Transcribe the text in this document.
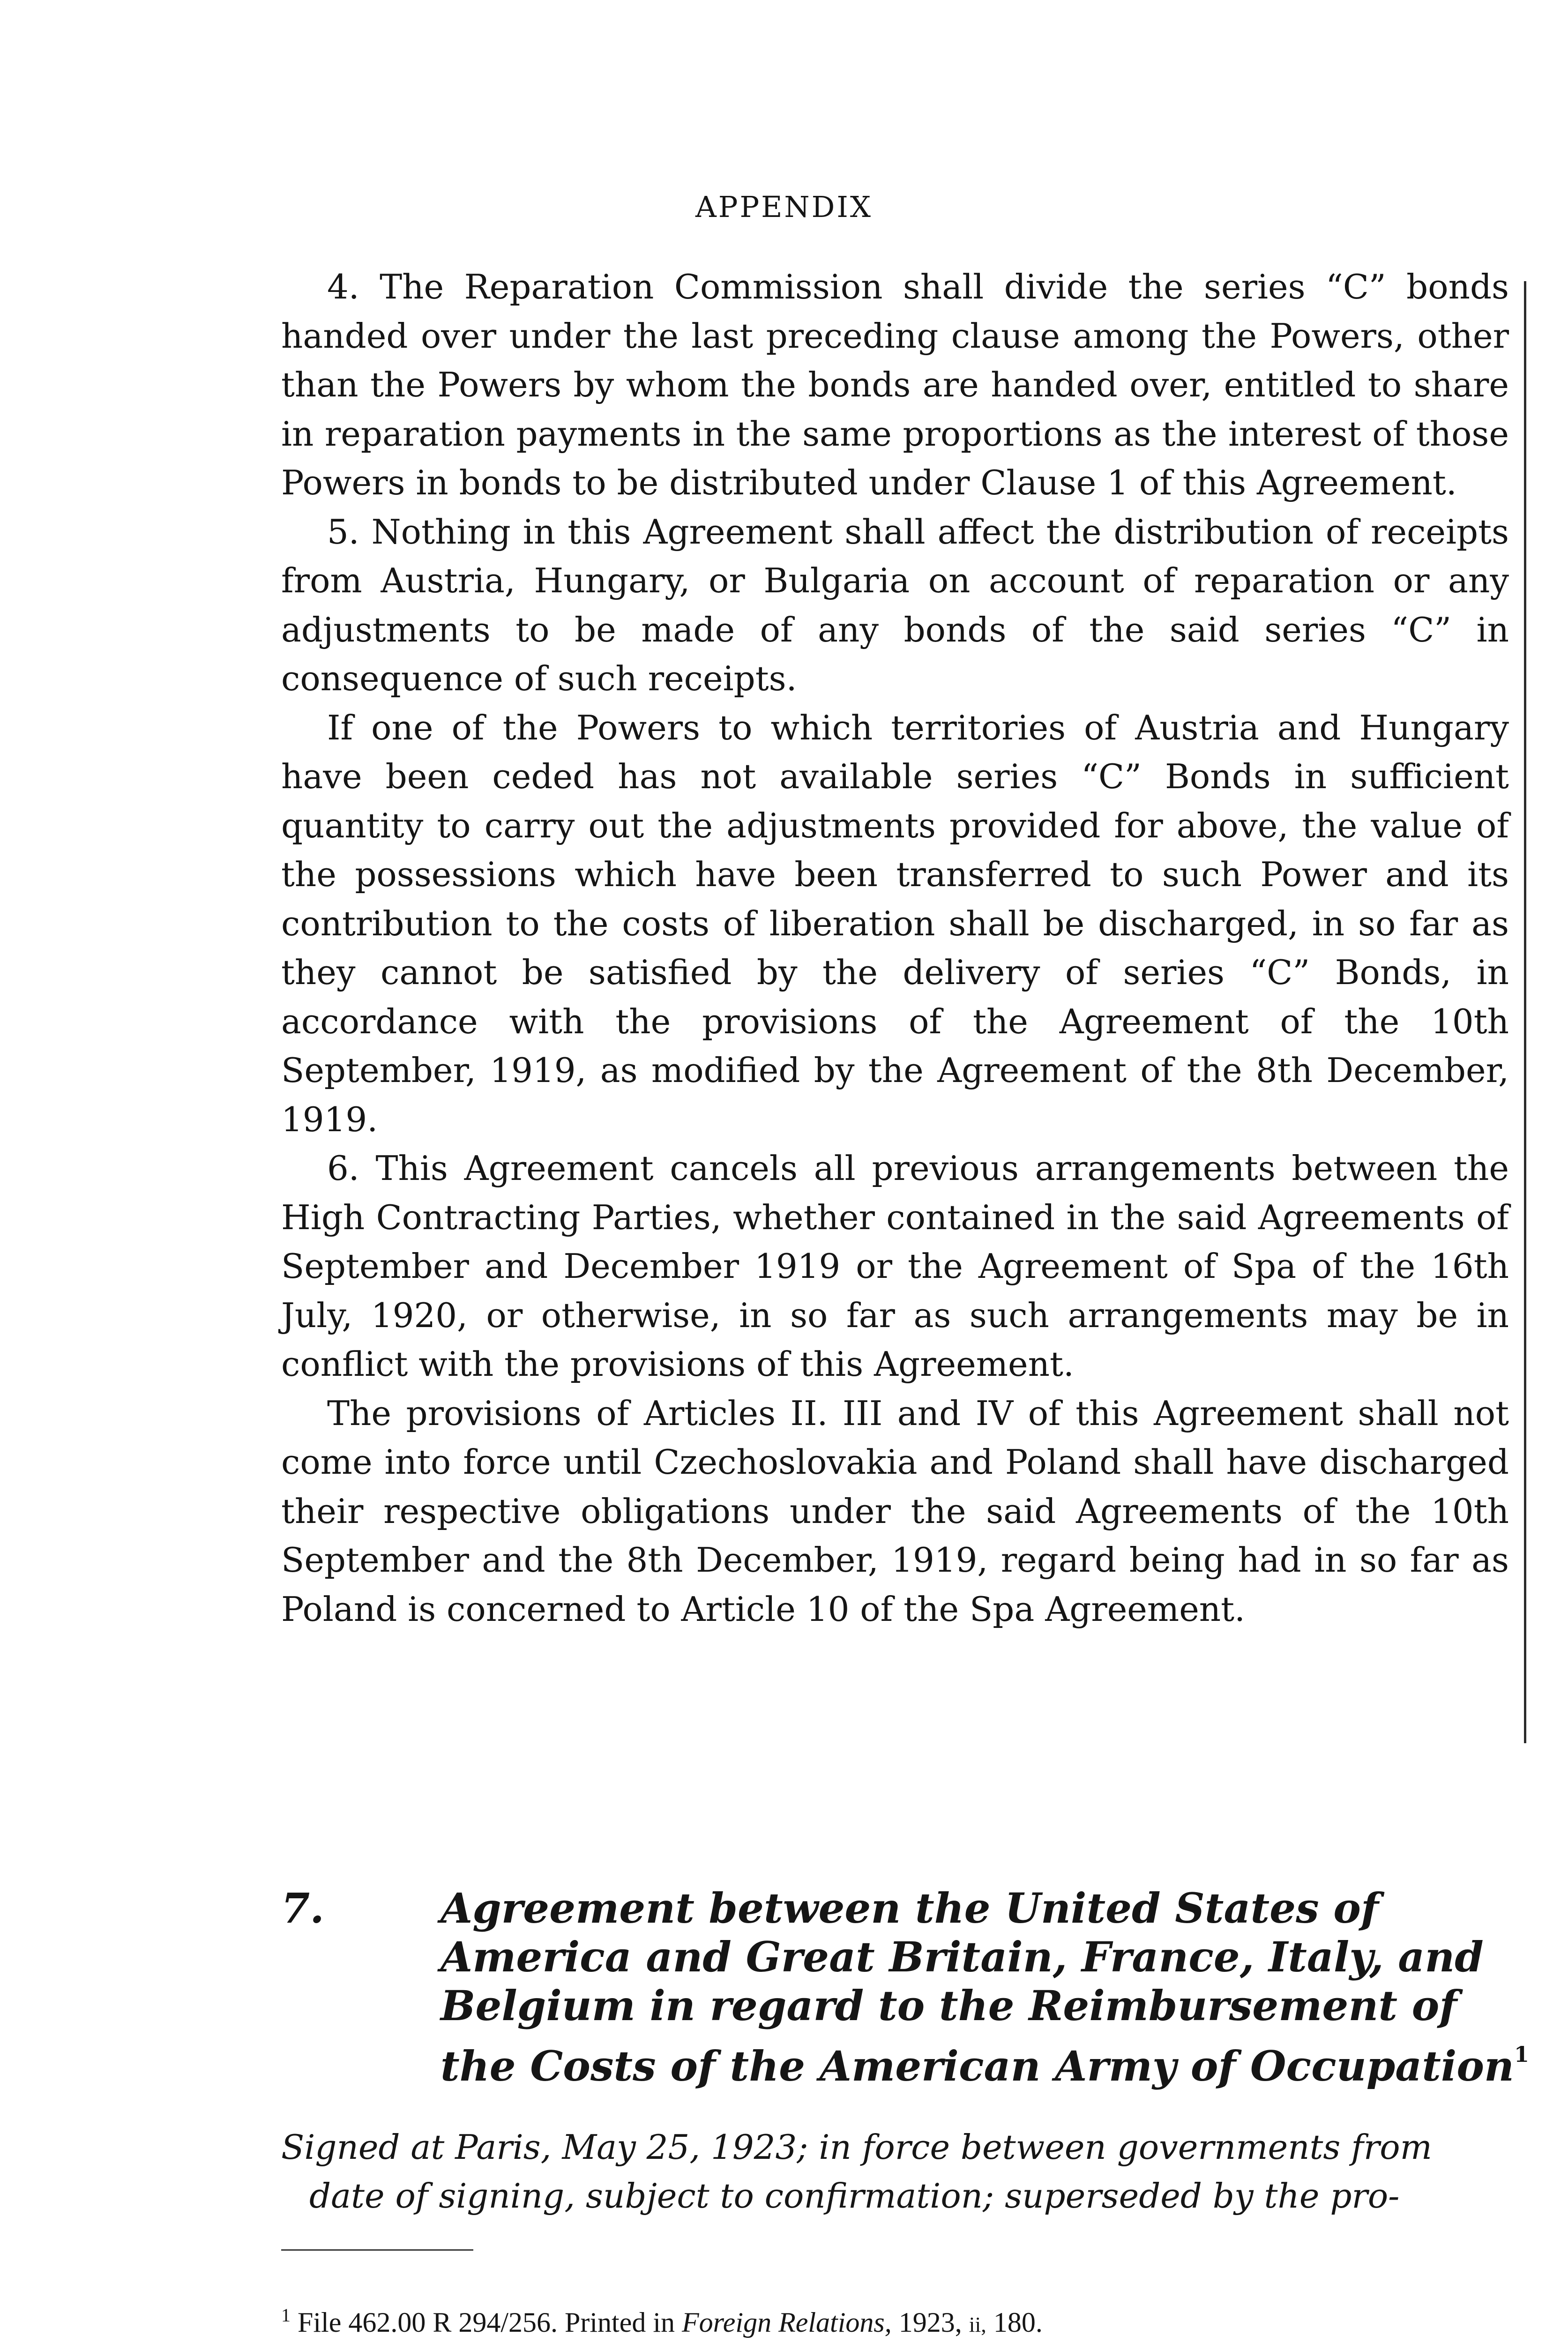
APPENDIX

4. The Reparation Commission shall divide the series “C” bonds handed over under the last preceding clause among the Powers, other than the Powers by whom the bonds are handed over, entitled to share in reparation payments in the same proportions as the interest of those Powers in bonds to be distributed under Clause 1 of this Agreement.

5. Nothing in this Agreement shall affect the distribution of receipts from Austria, Hungary, or Bulgaria on account of reparation or any adjustments to be made of any bonds of the said series “C” in consequence of such receipts.

If one of the Powers to which territories of Austria and Hungary have been ceded has not available series “C” Bonds in sufficient quantity to carry out the adjustments provided for above, the value of the possessions which have been transferred to such Power and its contribution to the costs of liberation shall be discharged, in so far as they cannot be satisfied by the delivery of series “C” Bonds, in accordance with the provisions of the Agreement of the 10th September, 1919, as modified by the Agreement of the 8th December, 1919.

6. This Agreement cancels all previous arrangements between the High Contracting Parties, whether contained in the said Agreements of September and December 1919 or the Agreement of Spa of the 16th July, 1920, or otherwise, in so far as such arrangements may be in conflict with the provisions of this Agreement.

The provisions of Articles II. III and IV of this Agreement shall not come into force until Czechoslovakia and Poland shall have discharged their respective obligations under the said Agreements of the 10th September and the 8th December, 1919, regard being had in so far as Poland is concerned to Article 10 of the Spa Agreement.

7.	Agreement between the United States of America and Great Britain, France, Italy, and Belgium in regard to the Reimbursement of the Costs of the American Army of Occupation$^1$
Signed at Paris, May 25, 1923; in force between governments from
date of signing, subject to confirmation; superseded by the pro-
$^1$ File 462.00 R 294/256. Printed in Foreign Relations, 1923, ii, 180.
